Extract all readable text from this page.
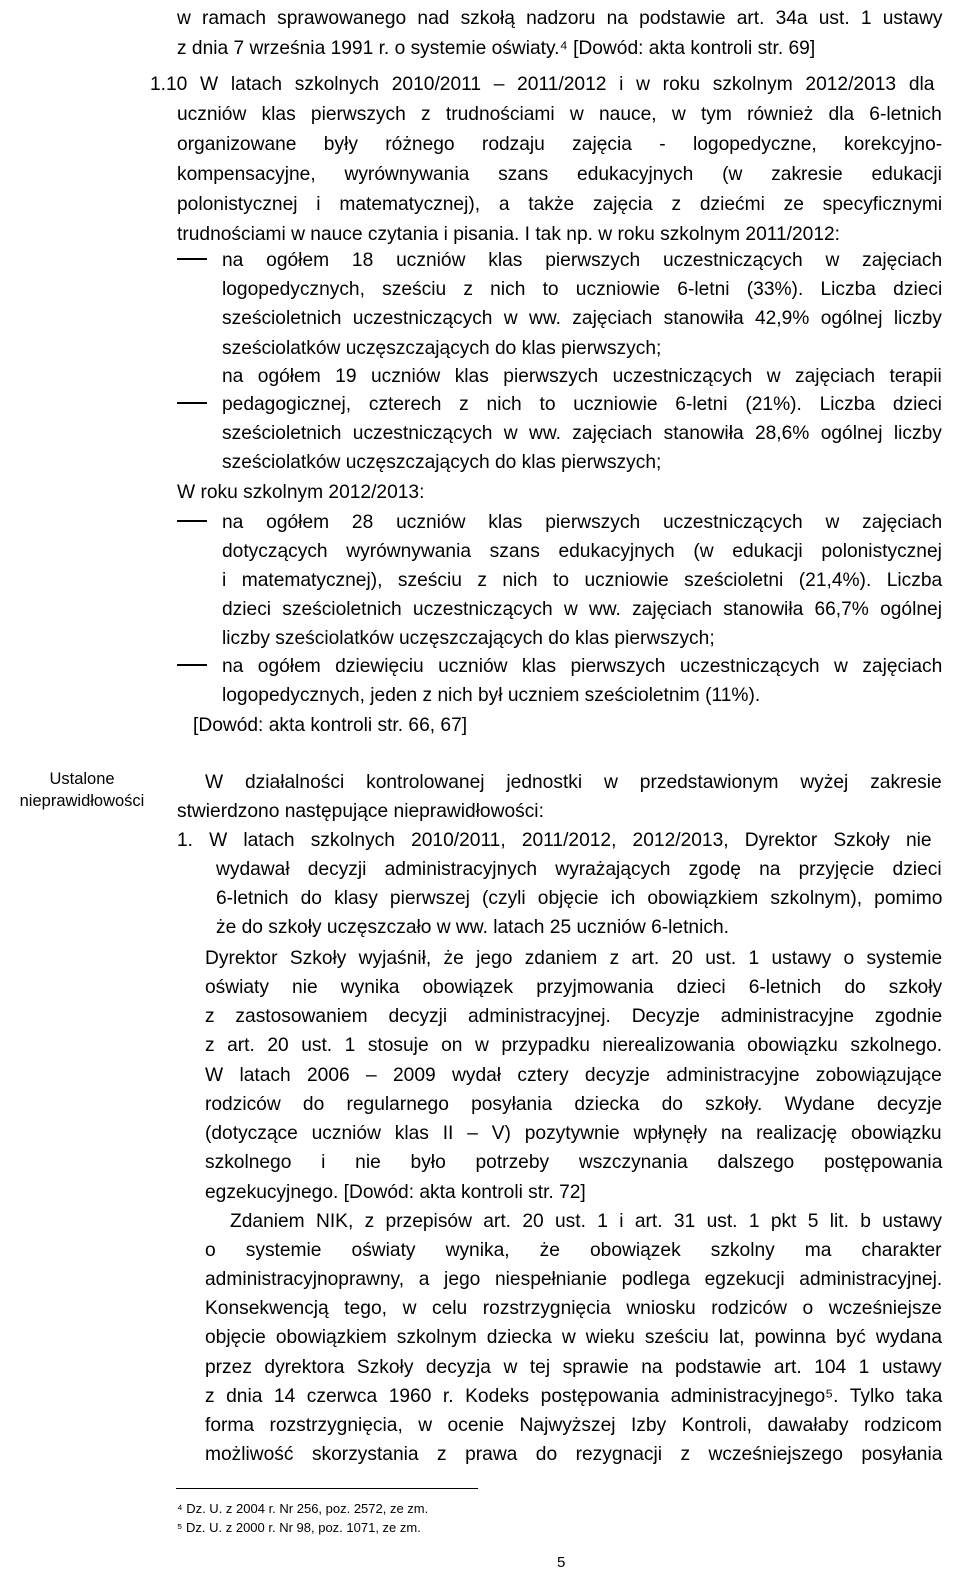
Ustalone
nieprawidłowości
w ramach sprawowanego nad szkołą nadzoru na podstawie art. 34a ust. 1 ustawy
z dnia 7 września 1991 r. o systemie oświaty.⁴ [Dowód: akta kontroli str. 69]
1.10 W latach szkolnych 2010/2011 – 2011/2012 i w roku szkolnym 2012/2013 dla
uczniów klas pierwszych z trudnościami w nauce, w tym również dla 6-letnich
organizowane były różnego rodzaju zajęcia - logopedyczne, korekcyjno-
kompensacyjne, wyrównywania szans edukacyjnych (w zakresie edukacji
polonistycznej i matematycznej), a także zajęcia z dziećmi ze specyficznymi
trudnościami w nauce czytania i pisania. I tak np. w roku szkolnym 2011/2012:
na ogółem 18 uczniów klas pierwszych uczestniczących w zajęciach
logopedycznych, sześciu z nich to uczniowie 6-letni (33%). Liczba dzieci
sześcioletnich uczestniczących w ww. zajęciach stanowiła 42,9% ogólnej liczby
sześciolatków uczęszczających do klas pierwszych;
na ogółem 19 uczniów klas pierwszych uczestniczących w zajęciach terapii
pedagogicznej, czterech z nich to uczniowie 6-letni (21%). Liczba dzieci
sześcioletnich uczestniczących w ww. zajęciach stanowiła 28,6% ogólnej liczby
sześciolatków uczęszczających do klas pierwszych;
W roku szkolnym 2012/2013:
na ogółem 28 uczniów klas pierwszych uczestniczących w zajęciach
dotyczących wyrównywania szans edukacyjnych (w edukacji polonistycznej
i matematycznej), sześciu z nich to uczniowie sześcioletni (21,4%). Liczba
dzieci sześcioletnich uczestniczących w ww. zajęciach stanowiła 66,7% ogólnej
liczby sześciolatków uczęszczających do klas pierwszych;
na ogółem dziewięciu uczniów klas pierwszych uczestniczących w zajęciach
logopedycznych, jeden z nich był uczniem sześcioletnim (11%).
[Dowód: akta kontroli str. 66, 67]
W działalności kontrolowanej jednostki w przedstawionym wyżej zakresie
stwierdzono następujące nieprawidłowości:
1. W latach szkolnych 2010/2011, 2011/2012, 2012/2013, Dyrektor Szkoły nie
wydawał decyzji administracyjnych wyrażających zgodę na przyjęcie dzieci
6-letnich do klasy pierwszej (czyli objęcie ich obowiązkiem szkolnym), pomimo
że do szkoły uczęszczało w ww. latach 25 uczniów 6-letnich.
Dyrektor Szkoły wyjaśnił, że jego zdaniem z art. 20 ust. 1 ustawy o systemie
oświaty nie wynika obowiązek przyjmowania dzieci 6-letnich do szkoły
z zastosowaniem decyzji administracyjnej. Decyzje administracyjne zgodnie
z art. 20 ust. 1 stosuje on w przypadku nierealizowania obowiązku szkolnego.
W latach 2006 – 2009 wydał cztery decyzje administracyjne zobowiązujące
rodziców do regularnego posyłania dziecka do szkoły. Wydane decyzje
(dotyczące uczniów klas II – V) pozytywnie wpłynęły na realizację obowiązku
szkolnego i nie było potrzeby wszczynania dalszego postępowania
egzekucyjnego. [Dowód: akta kontroli str. 72]
Zdaniem NIK, z przepisów art. 20 ust. 1 i art. 31 ust. 1 pkt 5 lit. b ustawy
o systemie oświaty wynika, że obowiązek szkolny ma charakter
administracyjnoprawny, a jego niespełnianie podlega egzekucji administracyjnej.
Konsekwencją tego, w celu rozstrzygnięcia wniosku rodziców o wcześniejsze
objęcie obowiązkiem szkolnym dziecka w wieku sześciu lat, powinna być wydana
przez dyrektora Szkoły decyzja w tej sprawie na podstawie art. 104 1 ustawy
z dnia 14 czerwca 1960 r. Kodeks postępowania administracyjnego⁵. Tylko taka
forma rozstrzygnięcia, w ocenie Najwyższej Izby Kontroli, dawałaby rodzicom
możliwość skorzystania z prawa do rezygnacji z wcześniejszego posyłania
⁴ Dz. U. z 2004 r. Nr 256, poz. 2572, ze zm.
⁵ Dz. U. z 2000 r. Nr 98, poz. 1071, ze zm.
5
